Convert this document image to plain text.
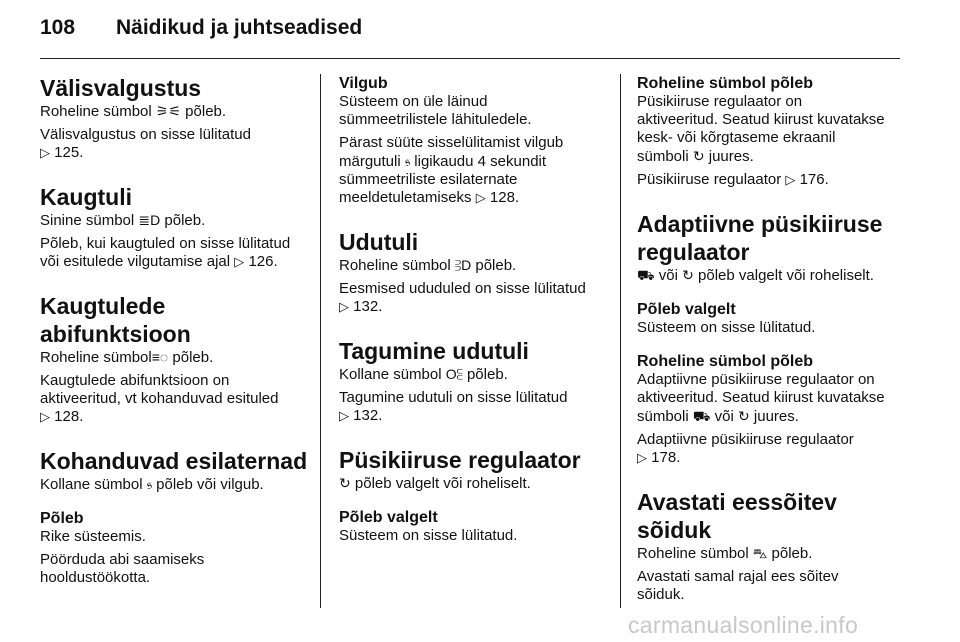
108 Näidikud ja juhtseadised
Välisvalgustus

Roheline sümbol ⚞⚟ põleb.

Välisvalgustus on sisse lülitatud
▷ 125.

Kaugtuli

Sinine sümbol ≣D põleb.

Põleb, kui kaugtuled on sisse lülitatud
või esitulede vilgutamise ajal ▷ 126.

Kaugtulede abifunktsioon

Roheline sümbol≡◌ põleb.

Kaugtulede abifunktsioon on
aktiveeritud, vt kohanduvad esituled
▷ 128.

Kohanduvad esilaternad

Kollane sümbol 𝔰 põleb või vilgub.

Põleb

Rike süsteemis.

Pöörduda abi saamiseks
hooldustöökotta.

Vilgub

Süsteem on üle läinud
sümmeetrilistele lähituledele.

Pärast süüte sisselülitamist vilgub
märgutuli 𝔰 ligikaudu 4 sekundit
sümmeetriliste esilaternate
meeldetuletamiseks ▷ 128.

Udutuli

Roheline sümbol ⫖D põleb.

Eesmised ududuled on sisse lülitatud
▷ 132.

Tagumine udutuli

Kollane sümbol O⫕ põleb.

Tagumine udutuli on sisse lülitatud
▷ 132.

Püsikiiruse regulaator

↻ põleb valgelt või roheliselt.

Põleb valgelt

Süsteem on sisse lülitatud.

Roheline sümbol põleb

Püsikiiruse regulaator on
aktiveeritud. Seatud kiirust kuvatakse
kesk- või kõrgtaseme ekraanil
sümboli ↻ juures.

Püsikiiruse regulaator ▷ 176.

Adaptiivne püsikiiruse
regulaator

⛟ või ↻ põleb valgelt või roheliselt.

Põleb valgelt

Süsteem on sisse lülitatud.

Roheline sümbol põleb

Adaptiivne püsikiiruse regulaator on
aktiveeritud. Seatud kiirust kuvatakse
sümboli ⛟ või ↻ juures.

Adaptiivne püsikiiruse regulaator
▷ 178.

Avastati eessõitev sõiduk

Roheline sümbol ⛍ põleb.

Avastati samal rajal ees sõitev
sõiduk.

carmanualsonline.info
